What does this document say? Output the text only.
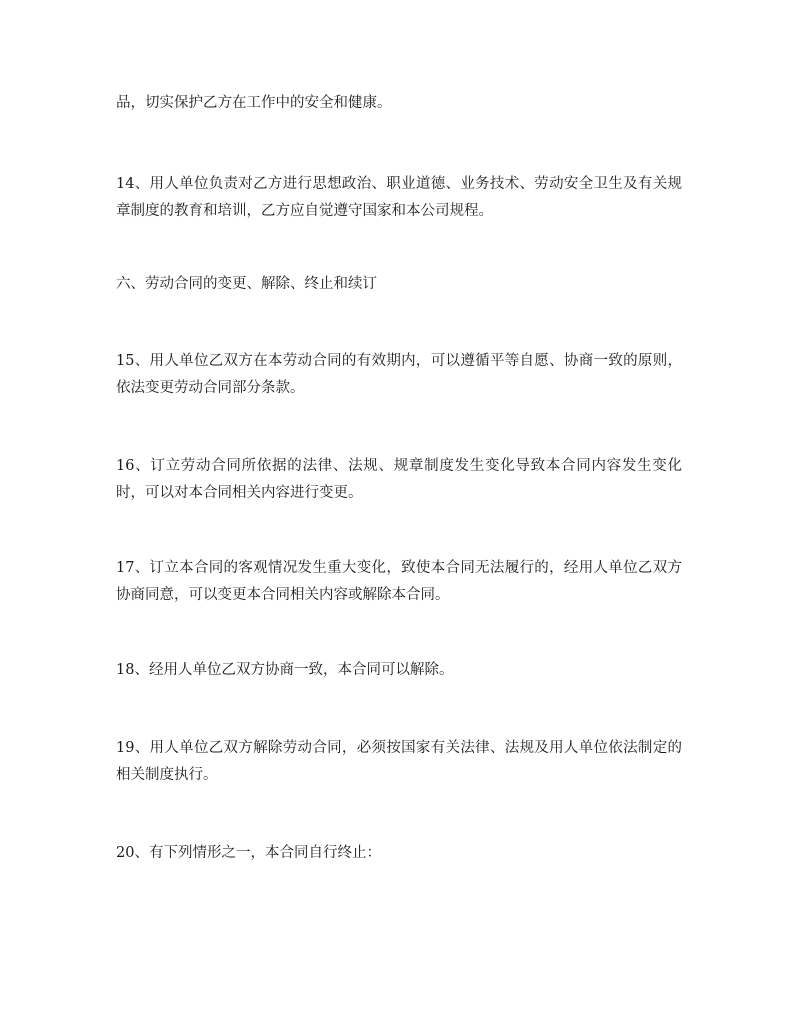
品，切实保护乙方在工作中的安全和健康。

14、用人单位负责对乙方进行思想政治、职业道德、业务技术、劳动安全卫生及有关规章制度的教育和培训，乙方应自觉遵守国家和本公司规程。

六、劳动合同的变更、解除、终止和续订

15、用人单位乙双方在本劳动合同的有效期内，可以遵循平等自愿、协商一致的原则，依法变更劳动合同部分条款。

16、订立劳动合同所依据的法律、法规、规章制度发生变化导致本合同内容发生变化时，可以对本合同相关内容进行变更。

17、订立本合同的客观情况发生重大变化，致使本合同无法履行的，经用人单位乙双方协商同意，可以变更本合同相关内容或解除本合同。

18、经用人单位乙双方协商一致，本合同可以解除。

19、用人单位乙双方解除劳动合同，必须按国家有关法律、法规及用人单位依法制定的相关制度执行。

20、有下列情形之一，本合同自行终止：
